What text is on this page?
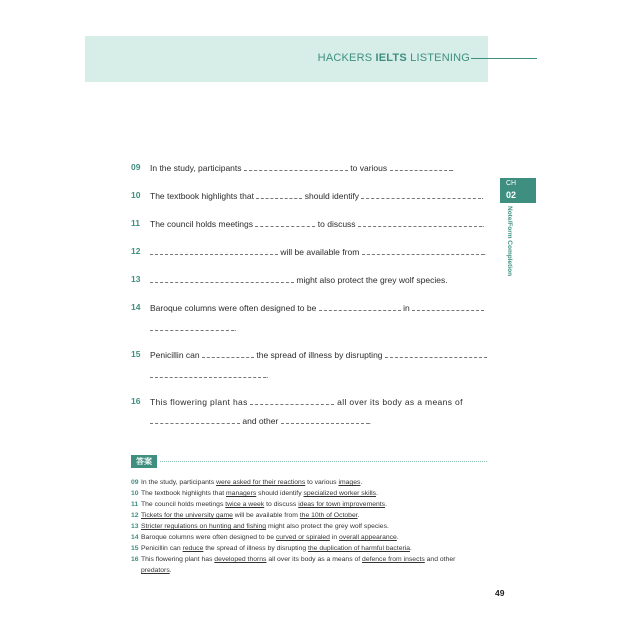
HACKERS IELTS LISTENING
CH
02
Note/Form Completion
09 In the study, participants	to various	.
10 The textbook highlights that	should identify	.
11 The council holds meetings	to discuss	.
12	will be available from	.
13	might also protect the grey wolf species.
14 Baroque columns were often designed to be	in
.
15 Penicillin can	the spread of illness by disrupting
.
16 This flowering plant has	all over its body as a means of
and other	.
答案
09 In the study, participants were asked for their reactions to various images.
10 The textbook highlights that managers should identify specialized worker skills.
11 The council holds meetings twice a week to discuss ideas for town improvements.
12 Tickets for the university game will be available from the 10th of October.
13 Stricter regulations on hunting and fishing might also protect the grey wolf species.
14 Baroque columns were often designed to be curved or spiraled in overall appearance.
15 Penicillin can reduce the spread of illness by disrupting the duplication of harmful bacteria.
16 This flowering plant has developed thorns all over its body as a means of defence from insects and other
predators.
49
